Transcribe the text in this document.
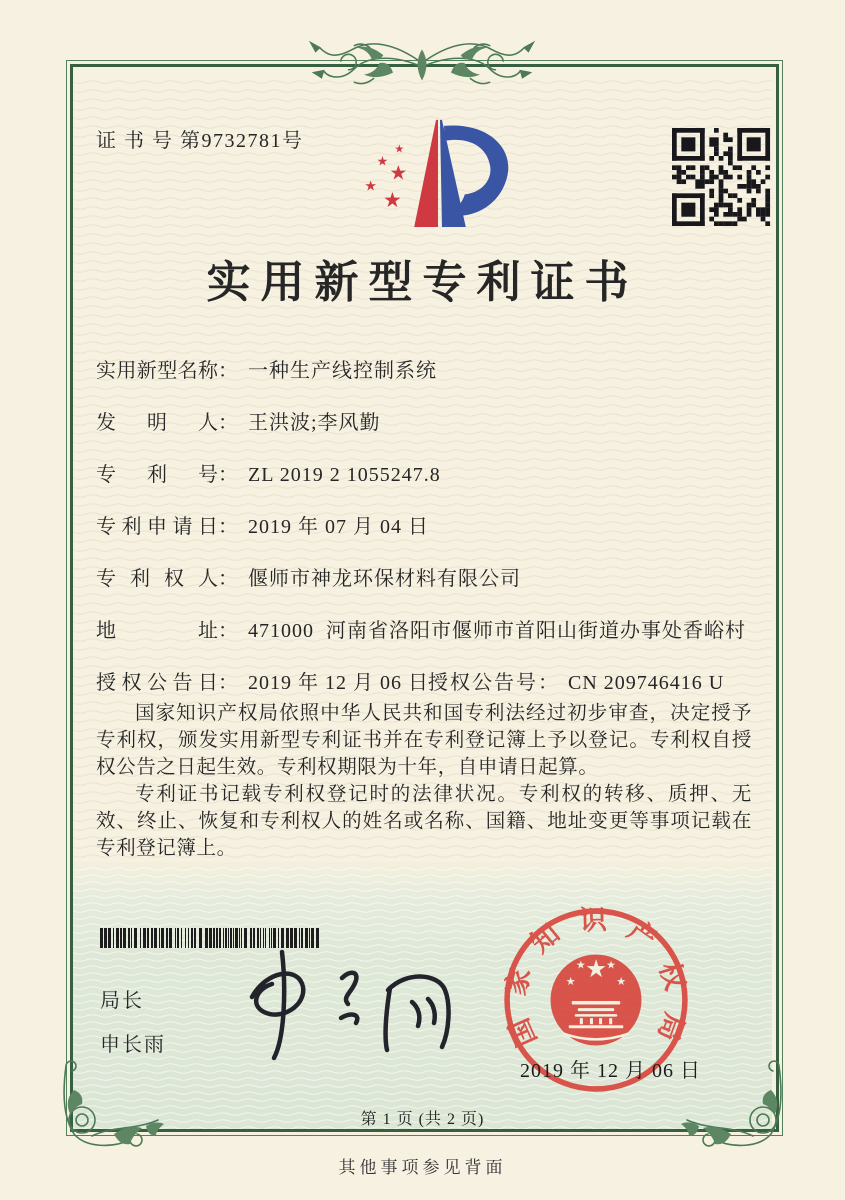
证 书 号 第9732781号	★
★
★
★
★
实用新型专利证书
实用新型名称： 一种生产线控制系统
发明人： 王洪波;李风勤
专利号： ZL 2019 2 1055247.8
专利申请日： 2019 年 07 月 04 日
专利权人： 偃师市神龙环保材料有限公司
地址： 471000  河南省洛阳市偃师市首阳山街道办事处香峪村
授权公告日： 2019 年 12 月 06 日 授权公告号： CN 209746416 U

国家知识产权局依照中华人民共和国专利法经过初步审查，决定授予专利权，颁发实用新型专利证书并在专利登记簿上予以登记。专利权自授权公告之日起生效。专利权期限为十年，自申请日起算。

专利证书记载专利权登记时的法律状况。专利权的转移、质押、无效、终止、恢复和专利权人的姓名或名称、国籍、地址变更等事项记载在专利登记簿上。

局长
申长雨	国家知识产权局
★
★
★ ★
★
2019 年 12 月 06 日
第 1 页 (共 2 页)
其他事项参见背面
